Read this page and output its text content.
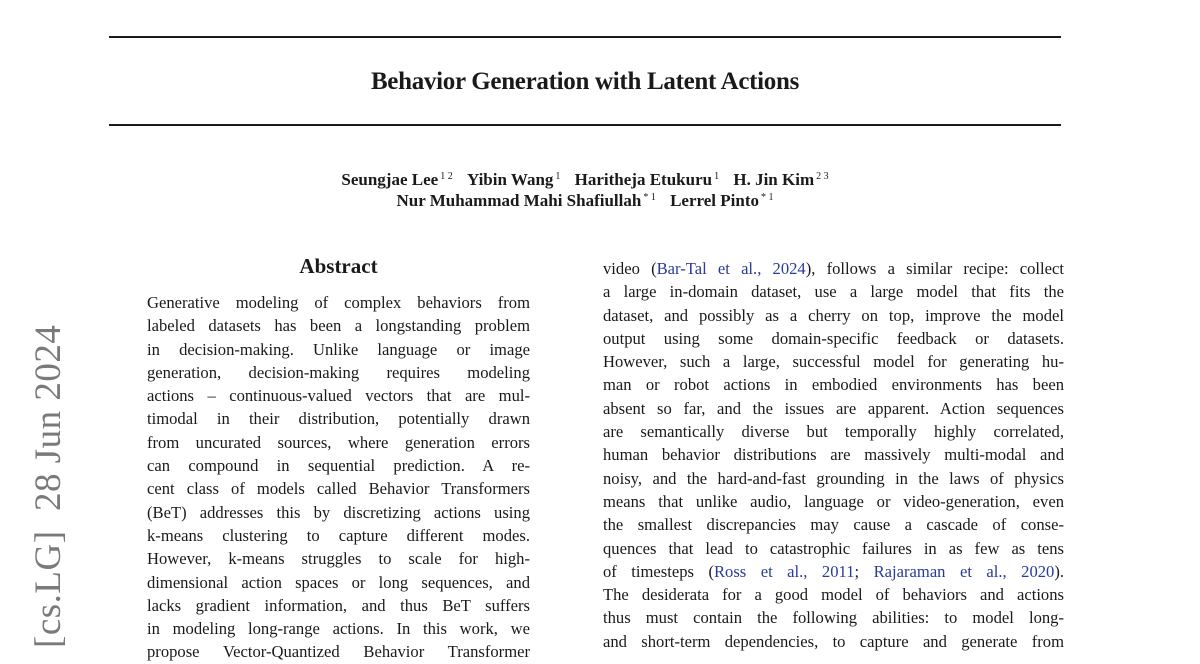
Behavior Generation with Latent Actions
Seungjae Lee $^{1 2}$ Yibin Wang $^1$ Haritheja Etukuru $^1$ H. Jin Kim $^{2 3}$
Nur Muhammad Mahi Shafiullah $^{* 1}$ Lerrel Pinto $^{* 1}$
[cs.LG]  28 Jun 2024
Abstract
Generative modeling of complex behaviors from
labeled datasets has been a longstanding problem
in decision-making. Unlike language or image
generation, decision-making requires modeling
actions – continuous-valued vectors that are mul-
timodal in their distribution, potentially drawn
from uncurated sources, where generation errors
can compound in sequential prediction. A re-
cent class of models called Behavior Transformers
(BeT) addresses this by discretizing actions using
k-means clustering to capture different modes.
However, k-means struggles to scale for high-
dimensional action spaces or long sequences, and
lacks gradient information, and thus BeT suffers
in modeling long-range actions. In this work, we
propose Vector-Quantized Behavior Transformer
video (Bar-Tal et al., 2024), follows a similar recipe: collect
a large in-domain dataset, use a large model that fits the
dataset, and possibly as a cherry on top, improve the model
output using some domain-specific feedback or datasets.
However, such a large, successful model for generating hu-
man or robot actions in embodied environments has been
absent so far, and the issues are apparent. Action sequences
are semantically diverse but temporally highly correlated,
human behavior distributions are massively multi-modal and
noisy, and the hard-and-fast grounding in the laws of physics
means that unlike audio, language or video-generation, even
the smallest discrepancies may cause a cascade of conse-
quences that lead to catastrophic failures in as few as tens
of timesteps (Ross et al., 2011; Rajaraman et al., 2020).
The desiderata for a good model of behaviors and actions
thus must contain the following abilities: to model long-
and short-term dependencies, to capture and generate from
